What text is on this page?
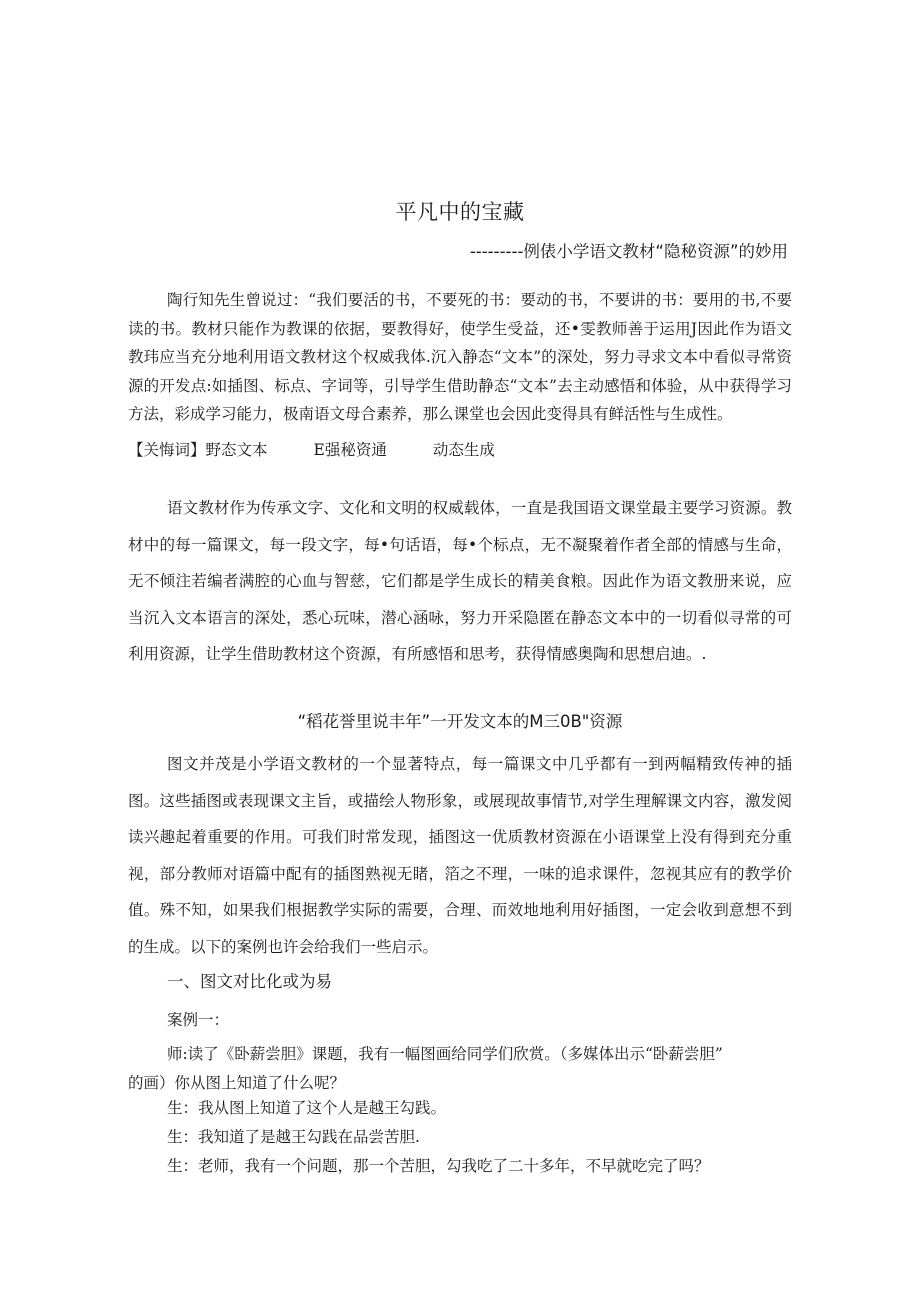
平凡中的宝藏

---------例俵小学语文教材“隐秘资源”的妙用

陶行知先生曾说过：“我们要活的书，不要死的书：要动的书，不要讲的书：要用的书,不要读的书。教材只能作为教课的依据，要教得好，使学生受益，还•雯教师善于运用J因此作为语文教玮应当充分地利用语文教材这个权威我体.沉入静态“文本”的深处，努力寻求文本中看似寻常资源的开发点:如插图、标点、字词等，引导学生借助静态“文本”去主动感悟和体验，从中获得学习方法，彩成学习能力，极南语文母合素养，那么课堂也会因此变得具有鲜活性与生成性。

【关悔词】野态文本	E强秘资通	动态生成

语文教材作为传承文字、文化和文明的权威载体，一直是我国语文课堂最主要学习资源。教材中的每一篇课文，每一段文字，每•句话语，每•个标点，无不凝聚着作者全部的情感与生命，无不倾注若编者满腔的心血与智慈，它们都是学生成长的精美食粮。因此作为语文教册来说，应当沉入文本语言的深处，悉心玩味，潜心涵咏，努力开采隐匿在静态文本中的一切看似寻常的可利用资源，让学生借助教材这个资源，有所感悟和思考，获得情感奥陶和思想启迪。.

“稻花誉里说丰年”一开发文本的M三0B"资源

图文并茂是小学语文教材的一个显著特点，每一篇课文中几乎都有一到两幅精致传神的插图。这些插图或表现课文主旨，或描绘人物形象，或展现故事情节,对学生理解课文内容，激发阅读兴趣起着重要的作用。可我们时常发现，插图这一优质教材资源在小语课堂上没有得到充分重视，部分教师对语篇中配有的插图熟视无睹，箔之不理，一味的追求课件，忽视其应有的教学价值。殊不知，如果我们根据教学实际的需要，合理、而效地地利用好插图，一定会收到意想不到的生成。以下的案例也许会给我们一些启示。

一、图文对比化或为易

案例一：

师:读了《卧薪尝胆》课题，我有一幅图画给同学们欣赏。（多媒体出示“卧薪尝胆”
的画）你从图上知道了什么呢？

生：我从图上知道了这个人是越王勾践。

生：我知道了是越王勾践在品尝苦胆.

生：老师，我有一个问题，那一个苦胆，勾我吃了二十多年，不早就吃完了吗？
